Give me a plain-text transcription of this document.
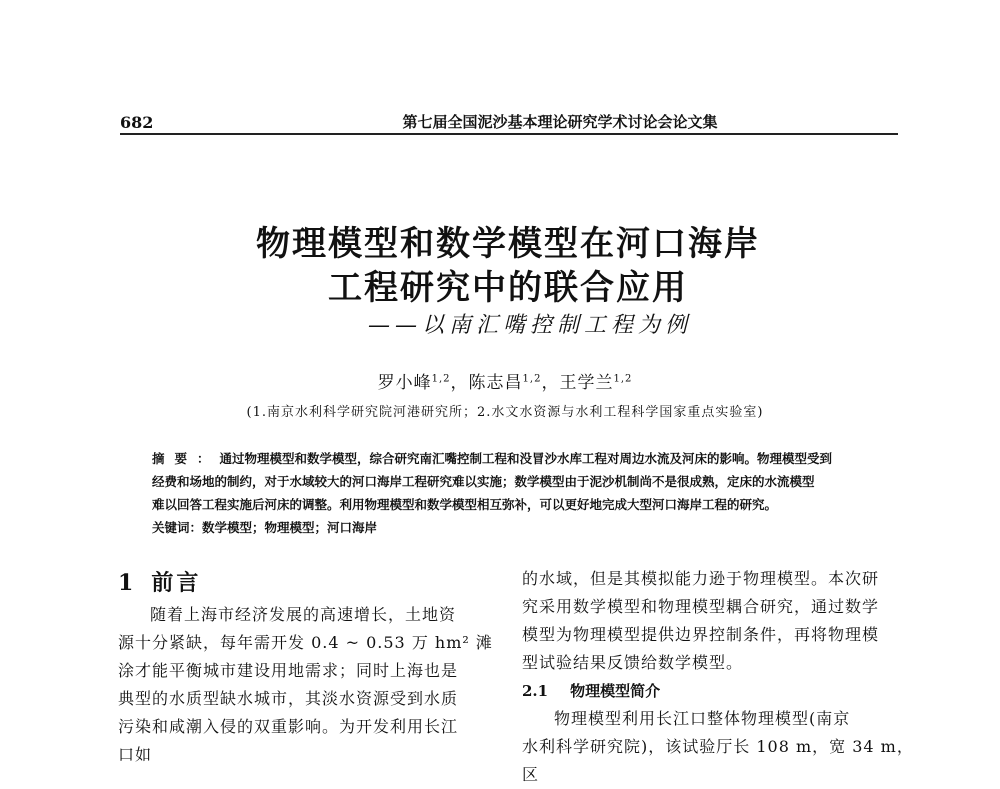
682	第七届全国泥沙基本理论研究学术讨论会论文集
物理模型和数学模型在河口海岸
工程研究中的联合应用
——以南汇嘴控制工程为例
罗小峰$^{1,2}$，陈志昌$^{1,2}$，王学兰$^{1,2}$
(1.南京水利科学研究院河港研究所；2.水文水资源与水利工程科学国家重点实验室)

摘要：通过物理模型和数学模型，综合研究南汇嘴控制工程和没冒沙水库工程对周边水流及河床的影响。物理模型受到

经费和场地的制约，对于水域较大的河口海岸工程研究难以实施；数学模型由于泥沙机制尚不是很成熟，定床的水流模型

难以回答工程实施后河床的调整。利用物理模型和数学模型相互弥补，可以更好地完成大型河口海岸工程的研究。

关键词：数学模型；物理模型；河口海岸

1 前言

随着上海市经济发展的高速增长，土地资

源十分紧缺，每年需开发 0.4 ~ 0.53 万 hm² 滩

涂才能平衡城市建设用地需求；同时上海也是

典型的水质型缺水城市，其淡水资源受到水质

污染和咸潮入侵的双重影响。为开发利用长江

口如

的水域，但是其模拟能力逊于物理模型。本次研

究采用数学模型和物理模型耦合研究，通过数学

模型为物理模型提供边界控制条件，再将物理模

型试验结果反馈给数学模型。

2.1 物理模型简介

物理模型利用长江口整体物理模型(南京

水利科学研究院)，该试验厅长 108 m，宽 34 m，

区
